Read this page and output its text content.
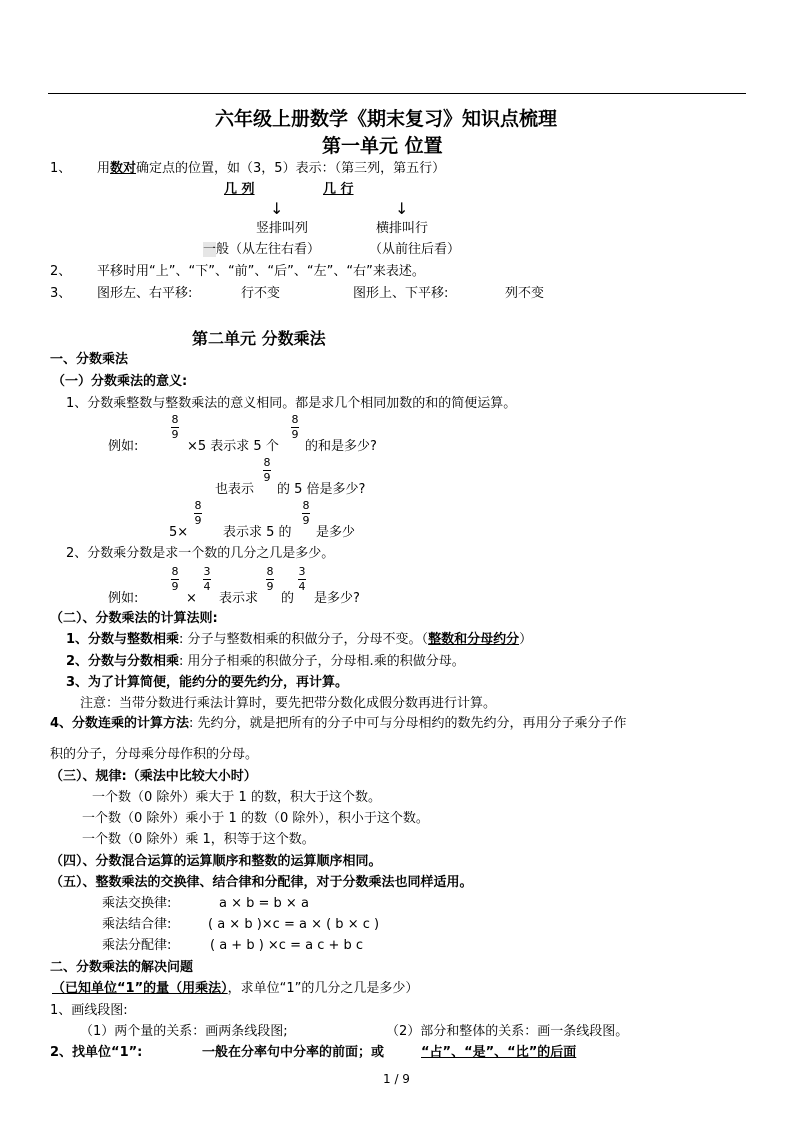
六年级上册数学《期末复习》知识点梳理
第一单元 位置
1、 用数对确定点的位置，如（3，5）表示：（第三列，第五行）
几 列	几 行
↓	↓
竖排叫列	横排叫行
一般（从左往右看）	（从前往后看）
2、 平移时用“上”、“下”、“前”、“后”、“左”、“右”来表述。
3、 图形左、右平移:	行不变	图形上、下平移:	列不变
第二单元 分数乘法
一、分数乘法
（一）分数乘法的意义:
1、分数乘整数与整数乘法的意义相同。都是求几个相同加数的和的简便运算。
例如:
8
9
×5 表示求 5 个
8
9
的和是多少?
也表示
8
9
的 5 倍是多少?
5×
8
9
表示求 5 的
8
9
是多少
2、分数乘分数是求一个数的几分之几是多少。
例如:
8
9
×
3
4
表示求
8
9
的
3
4
是多少?
（二）、分数乘法的计算法则:
1、分数与整数相乘: 分子与整数相乘的积做分子，分母不变。（整数和分母约分）
2、分数与分数相乘: 用分子相乘的积做分子，分母相.乘的积做分母。
3、为了计算简便，能约分的要先约分，再计算。
注意：当带分数进行乘法计算时，要先把带分数化成假分数再进行计算。
4、分数连乘的计算方法: 先约分，就是把所有的分子中可与分母相约的数先约分，再用分子乘分子作
积的分子，分母乘分母作积的分母。
（三）、规律:（乘法中比较大小时）
一个数（0 除外）乘大于 1 的数，积大于这个数。
一个数（0 除外）乘小于 1 的数（0 除外），积小于这个数。
一个数（0 除外）乘 1，积等于这个数。
（四）、分数混合运算的运算顺序和整数的运算顺序相同。
（五）、整数乘法的交换律、结合律和分配律，对于分数乘法也同样适用。
乘法交换律:	a × b = b × a
乘法结合律:	( a × b )×c = a × ( b × c )
乘法分配律:	( a + b ) ×c = a c + b c
二、分数乘法的解决问题
（已知单位“1”的量（用乘法），求单位“1”的几分之几是多少）
1、画线段图:
（1）两个量的关系：画两条线段图;	（2）部分和整体的关系：画一条线段图。
2、找单位“1”:	一般在分率句中分率的前面；或	“占”、“是”、“比”的后面
1 / 9
